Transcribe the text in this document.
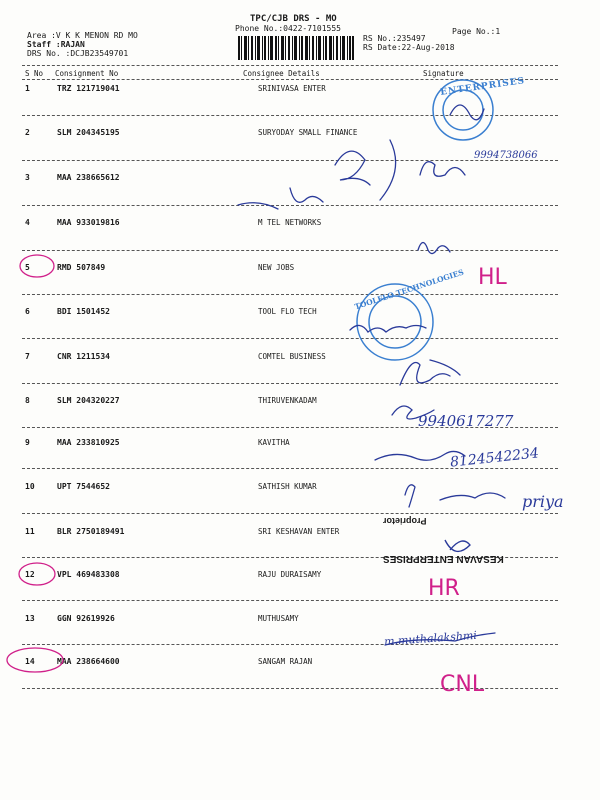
TPC/CJB DRS - MO
Phone No.:0422-7101555	Page No.:1
Area :V K K MENON RD MO
Staff :RAJAN
DRS No. :DCJB23549701
RS No.:235497
RS Date:22-Aug-2018
S No Consignment No	Consignee Details	Signature
1	TRZ 121719041	SRINIVASA ENTER
2	SLM 204345195	SURYODAY SMALL FINANCE
3	MAA 238665612
4	MAA 933019816	M TEL NETWORKS
5	RMD 507849	NEW JOBS
6	BDI 1501452	TOOL FLO TECH
7	CNR 1211534	COMTEL BUSINESS
8	SLM 204320227	THIRUVENKADAM
9	MAA 233810925	KAVITHA
10	UPT 7544652	SATHISH KUMAR
11	BLR 2750189491	SRI KESHAVAN ENTER
12	VPL 469483308	RAJU DURAISAMY
13	GGN 92619926	MUTHUSAMY
14	MAA 238664600	SANGAM RAJAN
ENTERPRISES
TOOLFLO TECHNOLOGIES
KESAVAN ENTERPRISES
Proprietor
9994738066
9940617277
8124542234
priya
m.muthalakshmi
HL
HR
CNL
